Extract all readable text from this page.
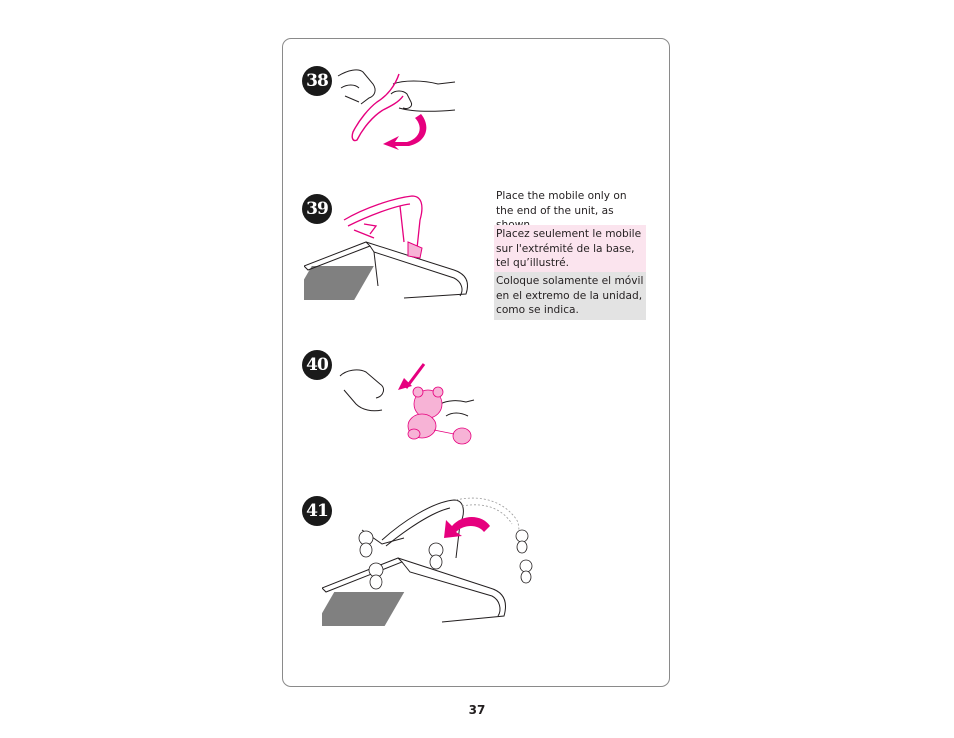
38
39
40
41
Place the mobile only on the end of the unit, as
Placez seulement le mobile sur l'extrémité de la base, tel qu’illustré.
Coloque solamente el móvil en el extremo de la unidad, como se indica.
37
